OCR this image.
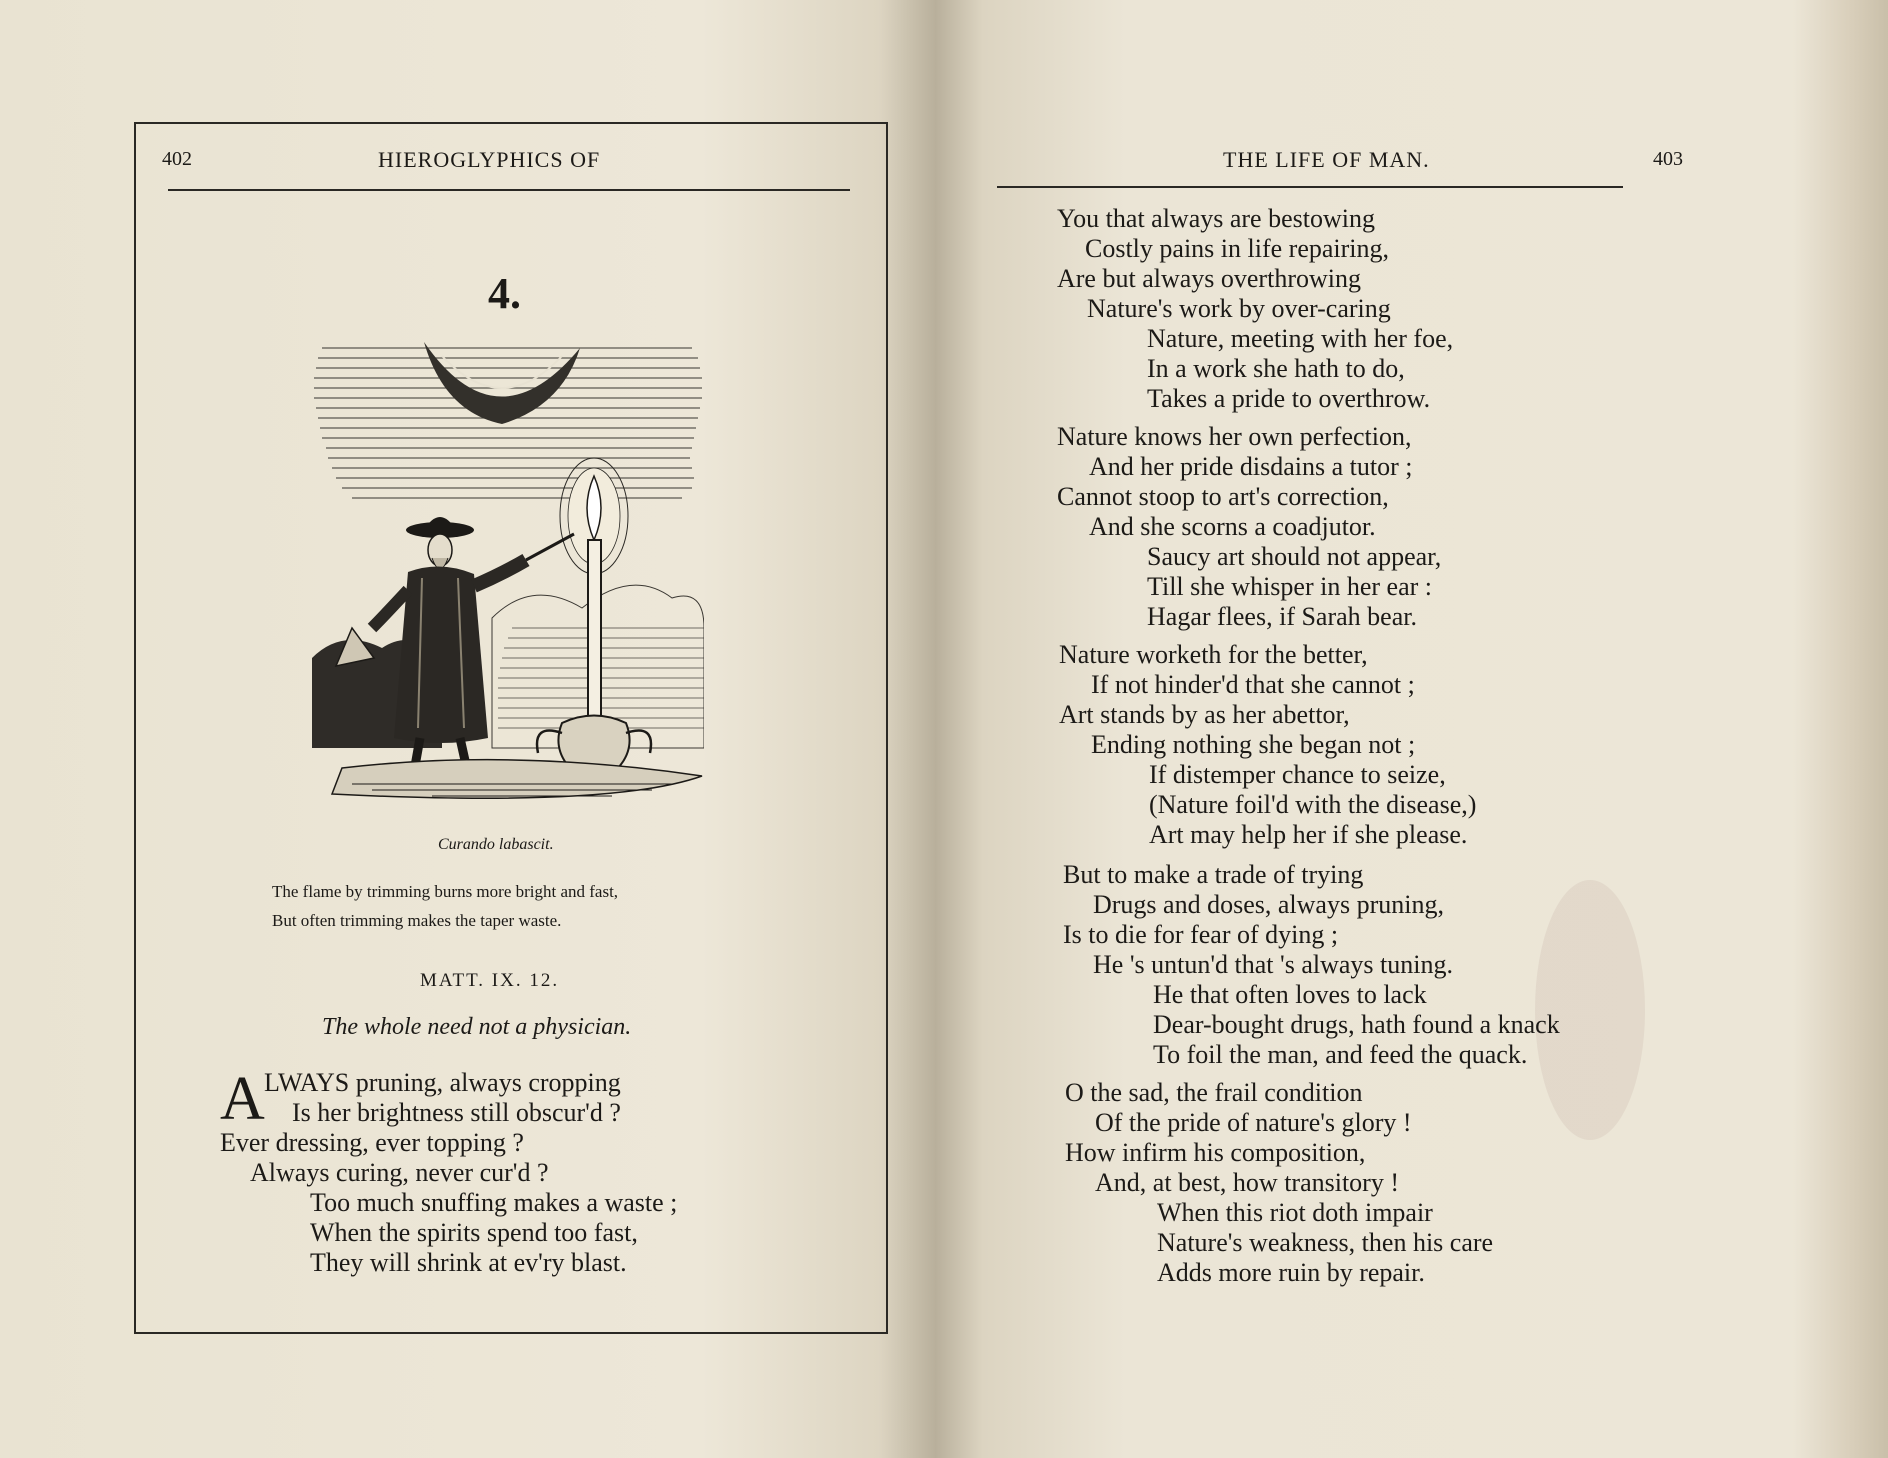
402	HIEROGLYPHICS OF
4.
Curando labascit.
The flame by trimming burns more bright and fast,
But often trimming makes the taper waste.
MATT. IX. 12.
The whole need not a physician.
A LWAYS pruning, always cropping
Is her brightness still obscur'd ?
Ever dressing, ever topping ?
Always curing, never cur'd ?
Too much snuffing makes a waste ;
When the spirits spend too fast,
They will shrink at ev'ry blast.
THE LIFE OF MAN.	403
You that always are bestowing
Costly pains in life repairing,
Are but always overthrowing
Nature's work by over-caring
Nature, meeting with her foe,
In a work she hath to do,
Takes a pride to overthrow.
Nature knows her own perfection,
And her pride disdains a tutor ;
Cannot stoop to art's correction,
And she scorns a coadjutor.
Saucy art should not appear,
Till she whisper in her ear :
Hagar flees, if Sarah bear.
Nature worketh for the better,
If not hinder'd that she cannot ;
Art stands by as her abettor,
Ending nothing she began not ;
If distemper chance to seize,
(Nature foil'd with the disease,)
Art may help her if she please.
But to make a trade of trying
Drugs and doses, always pruning,
Is to die for fear of dying ;
He 's untun'd that 's always tuning.
He that often loves to lack
Dear-bought drugs, hath found a knack
To foil the man, and feed the quack.
O the sad, the frail condition
Of the pride of nature's glory !
How infirm his composition,
And, at best, how transitory !
When this riot doth impair
Nature's weakness, then his care
Adds more ruin by repair.
